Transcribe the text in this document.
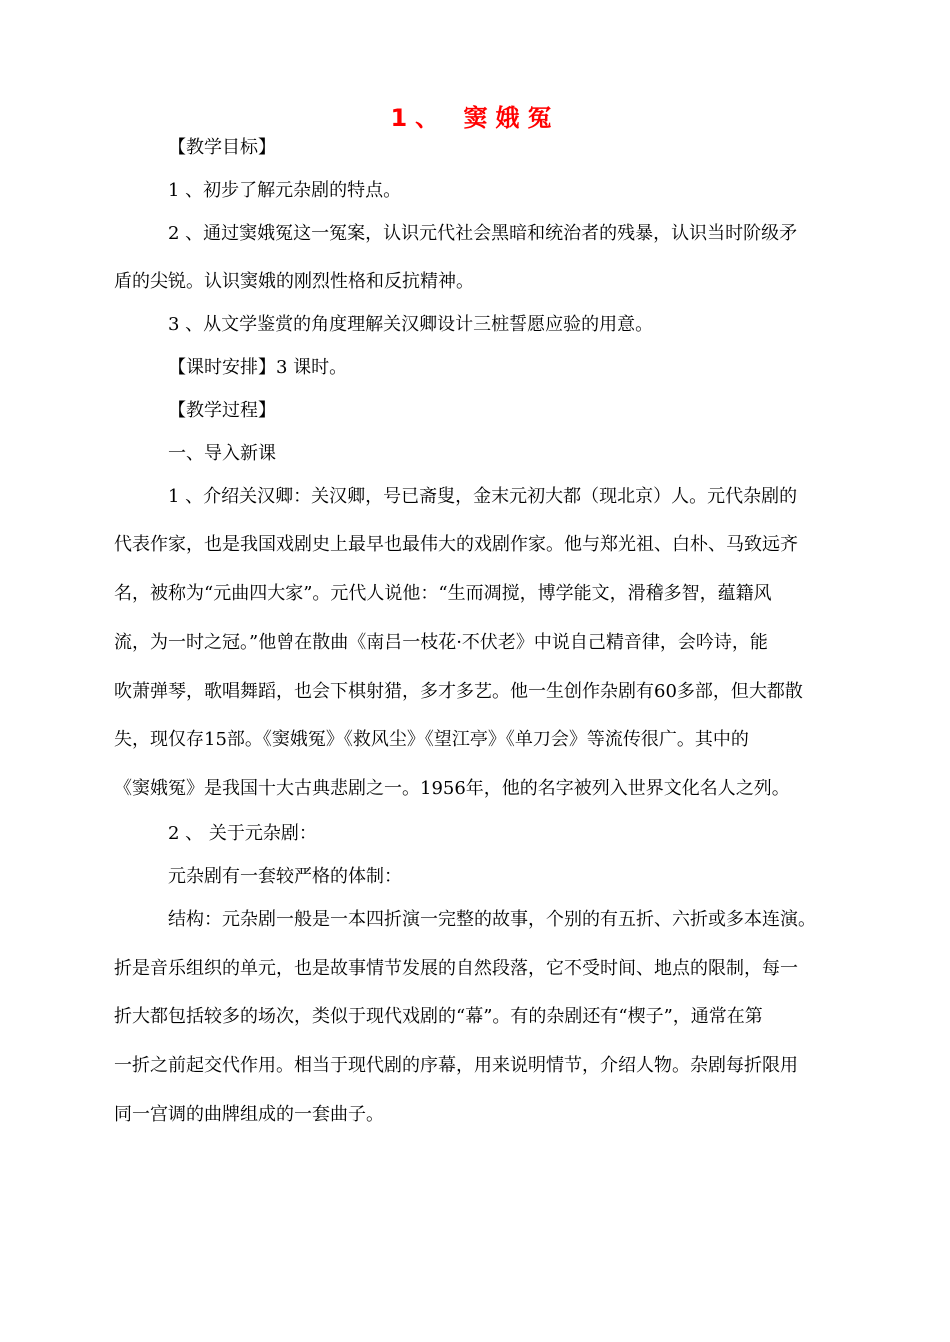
1、 窦娥冤
【教学目标】
1 、初步了解元杂剧的特点。
2 、通过窦娥冤这一冤案，认识元代社会黑暗和统治者的残暴，认识当时阶级矛
盾的尖锐。认识窦娥的刚烈性格和反抗精神。
3 、从文学鉴赏的角度理解关汉卿设计三桩誓愿应验的用意。
【课时安排】3 课时。
【教学过程】
一、导入新课
1 、介绍关汉卿：关汉卿，号已斋叟，金末元初大都（现北京）人。元代杂剧的
代表作家，也是我国戏剧史上最早也最伟大的戏剧作家。他与郑光祖、白朴、马致远齐
名，被称为“元曲四大家”。元代人说他：“生而凋搅，博学能文，滑稽多智，蕴籍风
流，为一时之冠。”他曾在散曲《南吕一枝花·不伏老》中说自己精音律，会吟诗，能
吹萧弹琴，歌唱舞蹈，也会下棋射猎，多才多艺。他一生创作杂剧有60多部，但大都散
失，现仅存15部。《窦娥冤》《救风尘》《望江亭》《单刀会》等流传很广。其中的
《窦娥冤》是我国十大古典悲剧之一。1956年，他的名字被列入世界文化名人之列。
2 、 关于元杂剧：
元杂剧有一套较严格的体制：
结构：元杂剧一般是一本四折演一完整的故事，个别的有五折、六折或多本连演。
折是音乐组织的单元，也是故事情节发展的自然段落，它不受时间、地点的限制，每一
折大都包括较多的场次，类似于现代戏剧的“幕”。有的杂剧还有“楔子”，通常在第
一折之前起交代作用。相当于现代剧的序幕，用来说明情节，介绍人物。杂剧每折限用
同一宫调的曲牌组成的一套曲子。
